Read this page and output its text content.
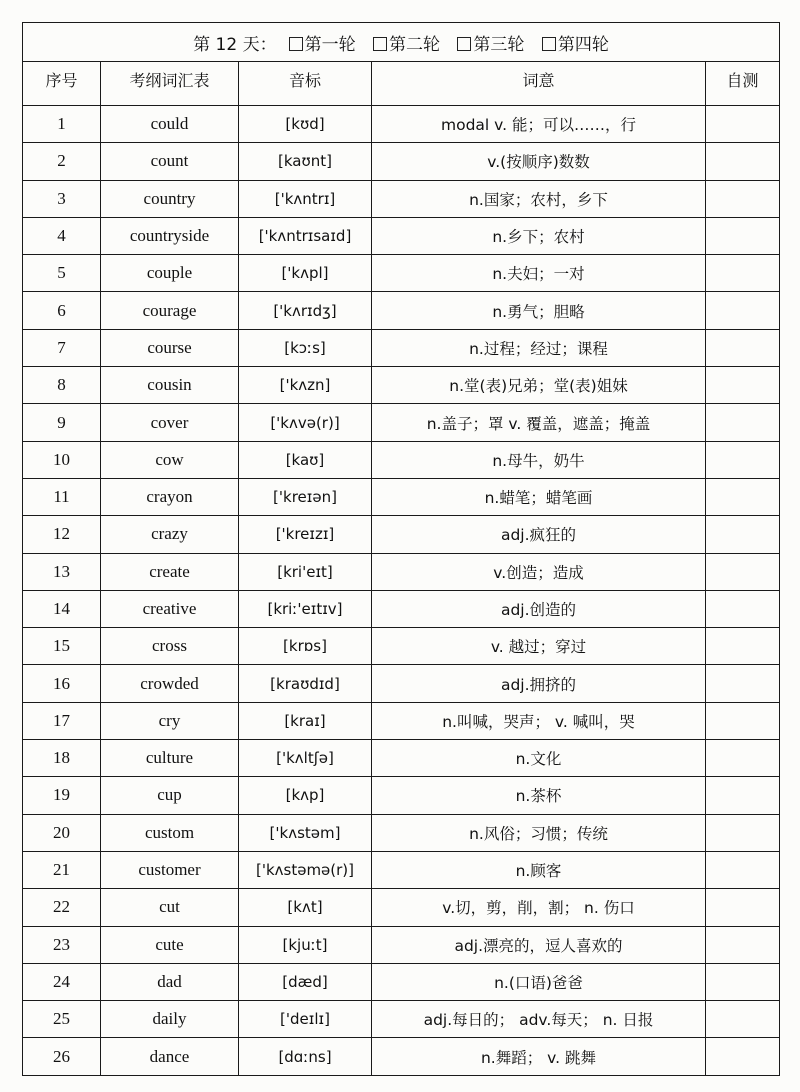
第 12 天： 第一轮 第二轮 第三轮 第四轮				
序号	考纲词汇表	音标	词意	自测
1	could	[kʊd]	modal v. 能；可以……，行	
2	count	[kaʊnt]	v.(按顺序)数数	
3	country	['kʌntrɪ]	n.国家；农村，乡下	
4	countryside	['kʌntrɪsaɪd]	n.乡下；农村	
5	couple	['kʌpl]	n.夫妇；一对	
6	courage	['kʌrɪdʒ]	n.勇气；胆略	
7	course	[kɔːs]	n.过程；经过；课程	
8	cousin	['kʌzn]	n.堂(表)兄弟；堂(表)姐妹	
9	cover	['kʌvə(r)]	n.盖子；罩 v. 覆盖，遮盖；掩盖	
10	cow	[kaʊ]	n.母牛，奶牛	
11	crayon	['kreɪən]	n.蜡笔；蜡笔画	
12	crazy	['kreɪzɪ]	adj.疯狂的	
13	create	[kri'eɪt]	v.创造；造成	
14	creative	[kriː'eɪtɪv]	adj.创造的	
15	cross	[krɒs]	v. 越过；穿过	
16	crowded	[kraʊdɪd]	adj.拥挤的	
17	cry	[kraɪ]	n.叫喊，哭声； v. 喊叫，哭	
18	culture	['kʌltʃə]	n.文化	
19	cup	[kʌp]	n.茶杯	
20	custom	['kʌstəm]	n.风俗；习惯；传统	
21	customer	['kʌstəmə(r)]	n.顾客	
22	cut	[kʌt]	v.切，剪，削，割； n. 伤口	
23	cute	[kjuːt]	adj.漂亮的，逗人喜欢的	
24	dad	[dæd]	n.(口语)爸爸	
25	daily	['deɪlɪ]	adj.每日的； adv.每天； n. 日报	
26	dance	[dɑːns]	n.舞蹈； v. 跳舞	
